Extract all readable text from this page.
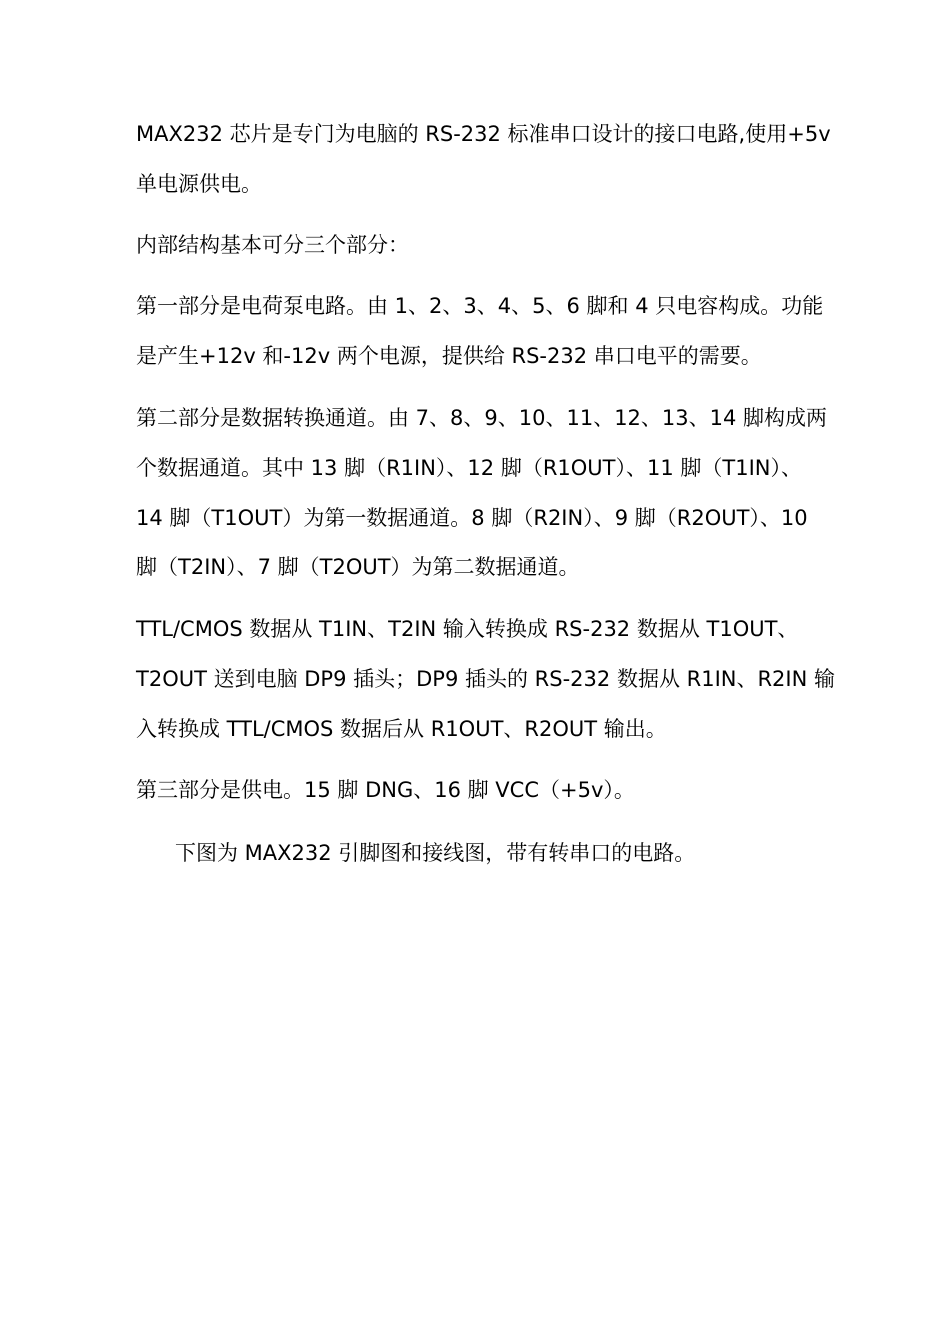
MAX232 芯片是专门为电脑的 RS-232 标准串口设计的接口电路,使用+5v
单电源供电。
内部结构基本可分三个部分：
第一部分是电荷泵电路。由 1、2、3、4、5、6 脚和 4 只电容构成。功能
是产生+12v 和-12v 两个电源，提供给 RS-232 串口电平的需要。
第二部分是数据转换通道。由 7、8、9、10、11、12、13、14 脚构成两
个数据通道。其中 13 脚（R1IN）、12 脚（R1OUT）、11 脚（T1IN）、
14 脚（T1OUT）为第一数据通道。8 脚（R2IN）、9 脚（R2OUT）、10
脚（T2IN）、7 脚（T2OUT）为第二数据通道。
TTL/CMOS 数据从 T1IN、T2IN 输入转换成 RS-232 数据从 T1OUT、
T2OUT 送到电脑 DP9 插头；DP9 插头的 RS-232 数据从 R1IN、R2IN 输
入转换成 TTL/CMOS 数据后从 R1OUT、R2OUT 输出。
第三部分是供电。15 脚 DNG、16 脚 VCC（+5v）。
下图为 MAX232 引脚图和接线图，带有转串口的电路。
